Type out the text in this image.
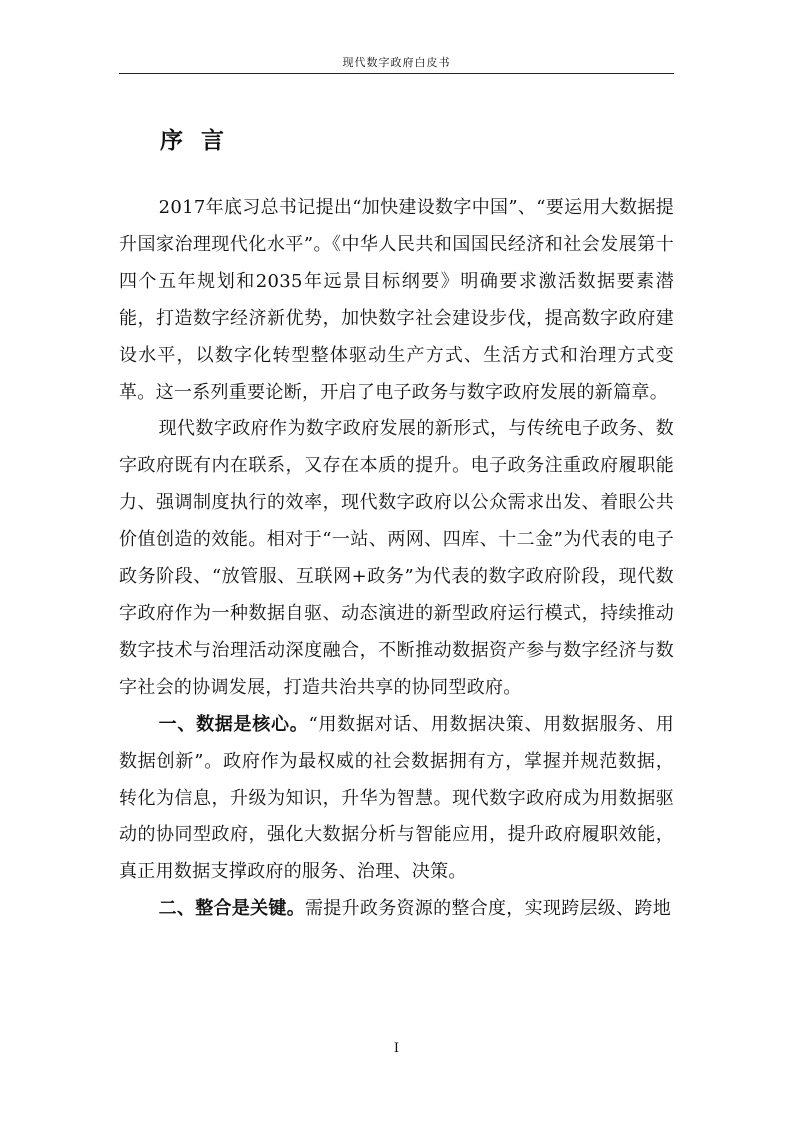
现代数字政府白皮书
序言

2017年底习总书记提出“加快建设数字中国”、“要运用大数据提升国家治理现代化水平”。《中华人民共和国国民经济和社会发展第十四个五年规划和2035年远景目标纲要》明确要求激活数据要素潜能，打造数字经济新优势，加快数字社会建设步伐，提高数字政府建设水平，以数字化转型整体驱动生产方式、生活方式和治理方式变革。这一系列重要论断，开启了电子政务与数字政府发展的新篇章。

现代数字政府作为数字政府发展的新形式，与传统电子政务、数字政府既有内在联系，又存在本质的提升。电子政务注重政府履职能力、强调制度执行的效率，现代数字政府以公众需求出发、着眼公共价值创造的效能。相对于“一站、两网、四库、十二金”为代表的电子政务阶段、“放管服、互联网+政务”为代表的数字政府阶段，现代数字政府作为一种数据自驱、动态演进的新型政府运行模式，持续推动数字技术与治理活动深度融合，不断推动数据资产参与数字经济与数字社会的协调发展，打造共治共享的协同型政府。

一、数据是核心。“用数据对话、用数据决策、用数据服务、用数据创新”。政府作为最权威的社会数据拥有方，掌握并规范数据，转化为信息，升级为知识，升华为智慧。现代数字政府成为用数据驱动的协同型政府，强化大数据分析与智能应用，提升政府履职效能，真正用数据支撑政府的服务、治理、决策。

二、整合是关键。需提升政务资源的整合度，实现跨层级、跨地

I
